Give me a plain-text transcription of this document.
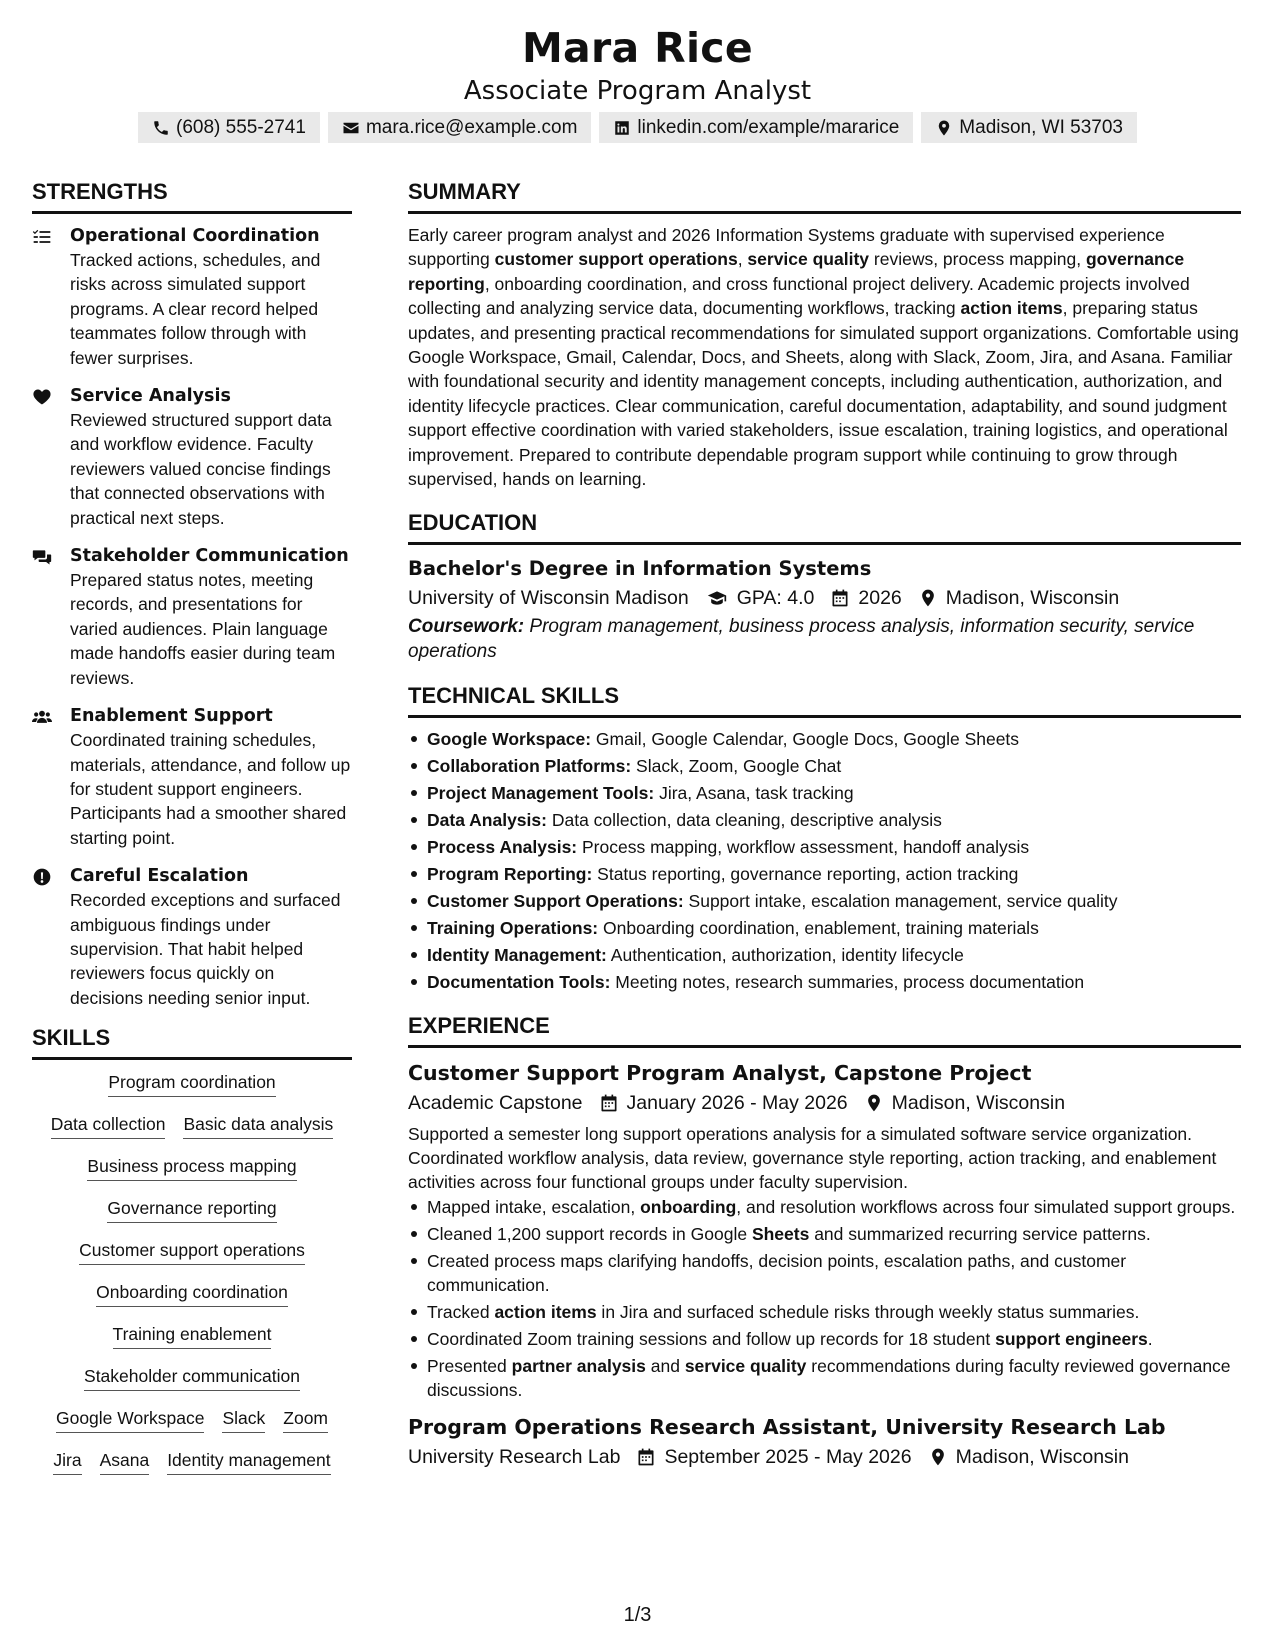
Mara Rice
Associate Program Analyst
(608) 555-2741	mara.rice@example.com	linkedin.com/example/mararice	Madison, WI 53703
STRENGTHS
Operational Coordination
Tracked actions, schedules, and risks across simulated support programs. A clear record helped teammates follow through with fewer surprises.
Service Analysis
Reviewed structured support data and workflow evidence. Faculty reviewers valued concise findings that connected observations with practical next steps.
Stakeholder Communication
Prepared status notes, meeting records, and presentations for varied audiences. Plain language made handoffs easier during team reviews.
Enablement Support
Coordinated training schedules, materials, attendance, and follow up for student support engineers. Participants had a smoother shared starting point.
Careful Escalation
Recorded exceptions and surfaced ambiguous findings under supervision. That habit helped reviewers focus quickly on decisions needing senior input.
SKILLS
Program coordination
Data collection Basic data analysis
Business process mapping
Governance reporting
Customer support operations
Onboarding coordination
Training enablement
Stakeholder communication
Google Workspace Slack Zoom
Jira Asana Identity management
SUMMARY
Early career program analyst and 2026 Information Systems graduate with supervised experience supporting customer support operations, service quality reviews, process mapping, governance reporting, onboarding coordination, and cross functional project delivery. Academic projects involved collecting and analyzing service data, documenting workflows, tracking action items, preparing status updates, and presenting practical recommendations for simulated support organizations. Comfortable using Google Workspace, Gmail, Calendar, Docs, and Sheets, along with Slack, Zoom, Jira, and Asana. Familiar with foundational security and identity management concepts, including authentication, authorization, and identity lifecycle practices. Clear communication, careful documentation, adaptability, and sound judgment support effective coordination with varied stakeholders, issue escalation, training logistics, and operational improvement. Prepared to contribute dependable program support while continuing to grow through supervised, hands on learning.
EDUCATION
Bachelor's Degree in Information Systems
University of Wisconsin Madison GPA: 4.0 2026 Madison, Wisconsin
Coursework: Program management, business process analysis, information security, service operations
TECHNICAL SKILLS
Google Workspace: Gmail, Google Calendar, Google Docs, Google Sheets
Collaboration Platforms: Slack, Zoom, Google Chat
Project Management Tools: Jira, Asana, task tracking
Data Analysis: Data collection, data cleaning, descriptive analysis
Process Analysis: Process mapping, workflow assessment, handoff analysis
Program Reporting: Status reporting, governance reporting, action tracking
Customer Support Operations: Support intake, escalation management, service quality
Training Operations: Onboarding coordination, enablement, training materials
Identity Management: Authentication, authorization, identity lifecycle
Documentation Tools: Meeting notes, research summaries, process documentation
EXPERIENCE
Customer Support Program Analyst, Capstone Project
Academic Capstone January 2026 - May 2026 Madison, Wisconsin
Supported a semester long support operations analysis for a simulated software service organization. Coordinated workflow analysis, data review, governance style reporting, action tracking, and enablement activities across four functional groups under faculty supervision.
Mapped intake, escalation, onboarding, and resolution workflows across four simulated support groups.
Cleaned 1,200 support records in Google Sheets and summarized recurring service patterns.
Created process maps clarifying handoffs, decision points, escalation paths, and customer communication.
Tracked action items in Jira and surfaced schedule risks through weekly status summaries.
Coordinated Zoom training sessions and follow up records for 18 student support engineers.
Presented partner analysis and service quality recommendations during faculty reviewed governance discussions.
Program Operations Research Assistant, University Research Lab
University Research Lab September 2025 - May 2026 Madison, Wisconsin
1/3
